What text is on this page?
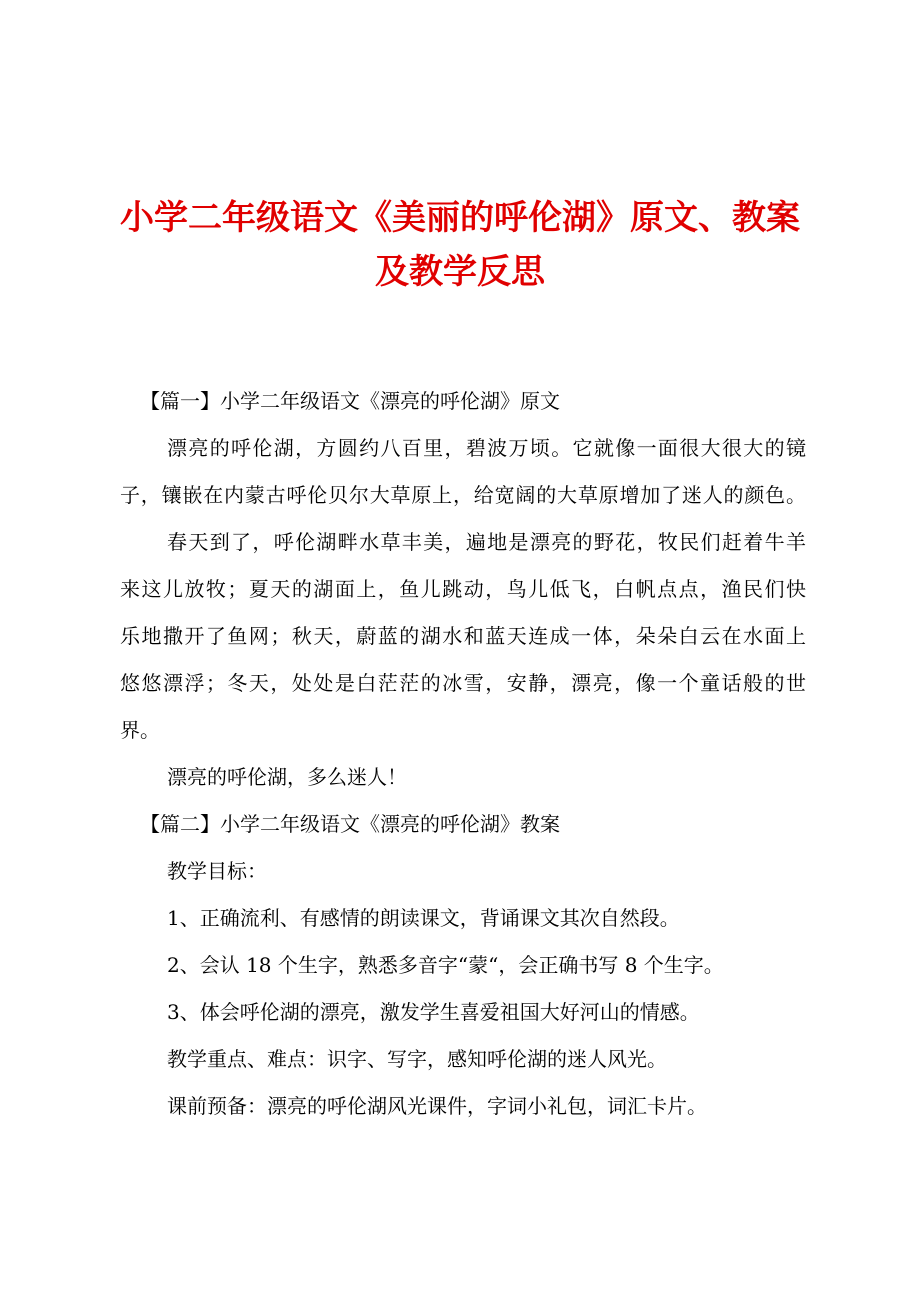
小学二年级语文《美丽的呼伦湖》原文、教案
及教学反思
【篇一】小学二年级语文《漂亮的呼伦湖》原文
漂亮的呼伦湖，方圆约八百里，碧波万顷。它就像一面很大很大的镜
子，镶嵌在内蒙古呼伦贝尔大草原上，给宽阔的大草原增加了迷人的颜色。
春天到了，呼伦湖畔水草丰美，遍地是漂亮的野花，牧民们赶着牛羊
来这儿放牧；夏天的湖面上，鱼儿跳动，鸟儿低飞，白帆点点，渔民们快
乐地撒开了鱼网；秋天，蔚蓝的湖水和蓝天连成一体，朵朵白云在水面上
悠悠漂浮；冬天，处处是白茫茫的冰雪，安静，漂亮，像一个童话般的世
界。
漂亮的呼伦湖，多么迷人！
【篇二】小学二年级语文《漂亮的呼伦湖》教案
教学目标：
1、正确流利、有感情的朗读课文，背诵课文其次自然段。
2、会认 18 个生字，熟悉多音字“蒙“，会正确书写 8 个生字。
3、体会呼伦湖的漂亮，激发学生喜爱祖国大好河山的情感。
教学重点、难点：识字、写字，感知呼伦湖的迷人风光。
课前预备：漂亮的呼伦湖风光课件，字词小礼包，词汇卡片。
